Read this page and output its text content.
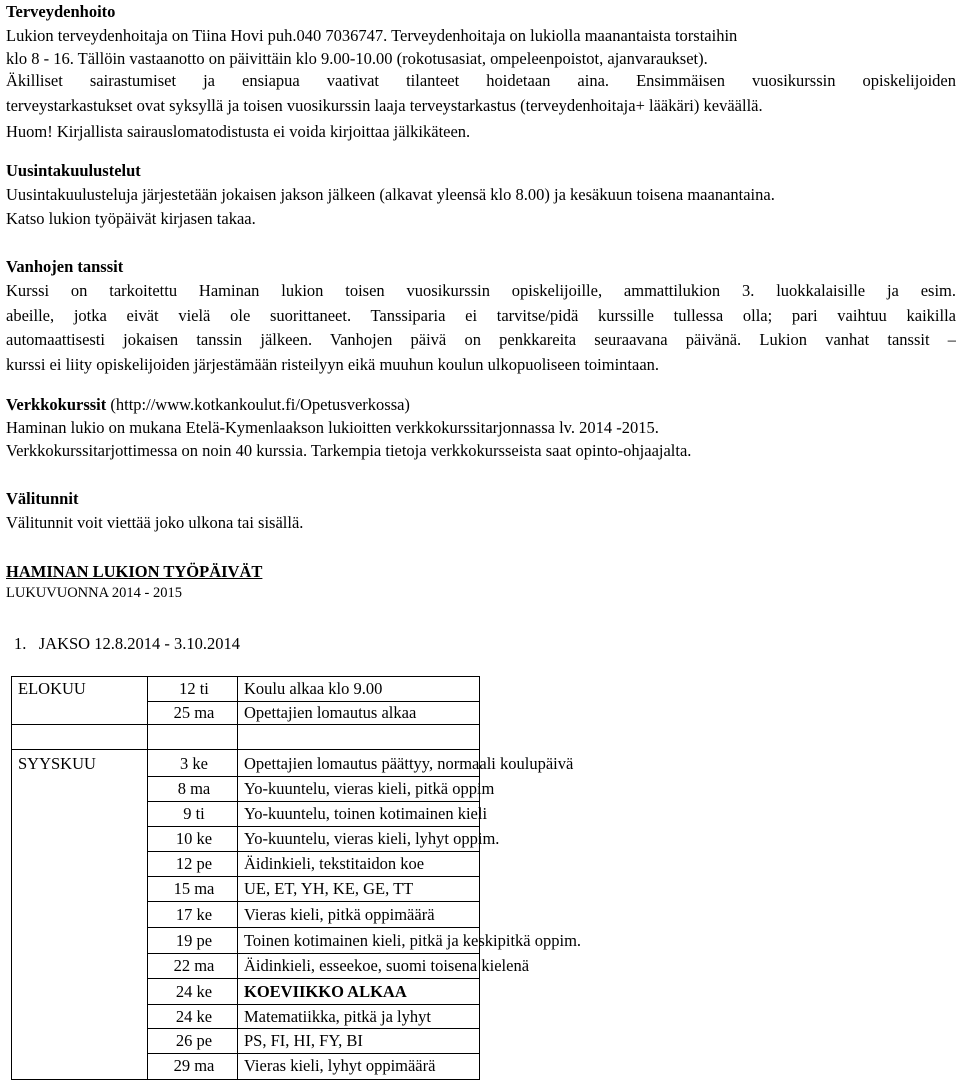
Terveydenhoito
Lukion terveydenhoitaja on Tiina Hovi puh.040 7036747. Terveydenhoitaja on lukiolla maanantaista torstaihin
klo 8 - 16. Tällöin vastaanotto on päivittäin klo 9.00-10.00 (rokotusasiat, ompeleenpoistot, ajanvaraukset).
Äkilliset sairastumiset ja ensiapua vaativat tilanteet hoidetaan aina. Ensimmäisen vuosikurssin opiskelijoiden
terveystarkastukset ovat syksyllä ja toisen vuosikurssin laaja terveystarkastus (terveydenhoitaja+ lääkäri) keväällä.
Huom! Kirjallista sairauslomatodistusta ei voida kirjoittaa jälkikäteen.
Uusintakuulustelut
Uusintakuulusteluja järjestetään jokaisen jakson jälkeen (alkavat yleensä klo 8.00) ja kesäkuun toisena maanantaina.
Katso lukion työpäivät kirjasen takaa.
Vanhojen tanssit
Kurssi on tarkoitettu Haminan lukion toisen vuosikurssin opiskelijoille, ammattilukion 3. luokkalaisille ja esim.
abeille, jotka eivät vielä ole suorittaneet. Tanssiparia ei tarvitse/pidä kurssille tullessa olla; pari vaihtuu kaikilla
automaattisesti jokaisen tanssin jälkeen. Vanhojen päivä on penkkareita seuraavana päivänä. Lukion vanhat tanssit –
kurssi ei liity opiskelijoiden järjestämään risteilyyn eikä muuhun koulun ulkopuoliseen toimintaan.
Verkkokurssit (http://www.kotkankoulut.fi/Opetusverkossa)
Haminan lukio on mukana Etelä-Kymenlaakson lukioitten verkkokurssitarjonnassa lv. 2014 -2015.
Verkkokurssitarjottimessa on noin 40 kurssia. Tarkempia tietoja verkkokursseista saat opinto-ohjaajalta.
Välitunnit
Välitunnit voit viettää joko ulkona tai sisällä.
HAMINAN LUKION TYÖPÄIVÄT
LUKUVUONNA 2014 - 2015
1.   JAKSO 12.8.2014 - 3.10.2014
ELOKUU	12 ti	Koulu alkaa klo 9.00
25 ma	Opettajien lomautus alkaa
SYYSKUU	3 ke	Opettajien lomautus päättyy, normaali koulupäivä
8 ma	Yo-kuuntelu, vieras kieli, pitkä oppim
9 ti	Yo-kuuntelu, toinen kotimainen kieli
10 ke	Yo-kuuntelu, vieras kieli, lyhyt oppim.
12 pe	Äidinkieli, tekstitaidon koe
15 ma	UE, ET, YH, KE, GE, TT
17 ke	Vieras kieli, pitkä oppimäärä
19 pe	Toinen kotimainen kieli, pitkä ja keskipitkä oppim.
22 ma	Äidinkieli, esseekoe, suomi toisena kielenä
24 ke	KOEVIIKKO ALKAA
24 ke	Matematiikka, pitkä ja lyhyt
26 pe	PS, FI, HI, FY, BI
29 ma	Vieras kieli, lyhyt oppimäärä
